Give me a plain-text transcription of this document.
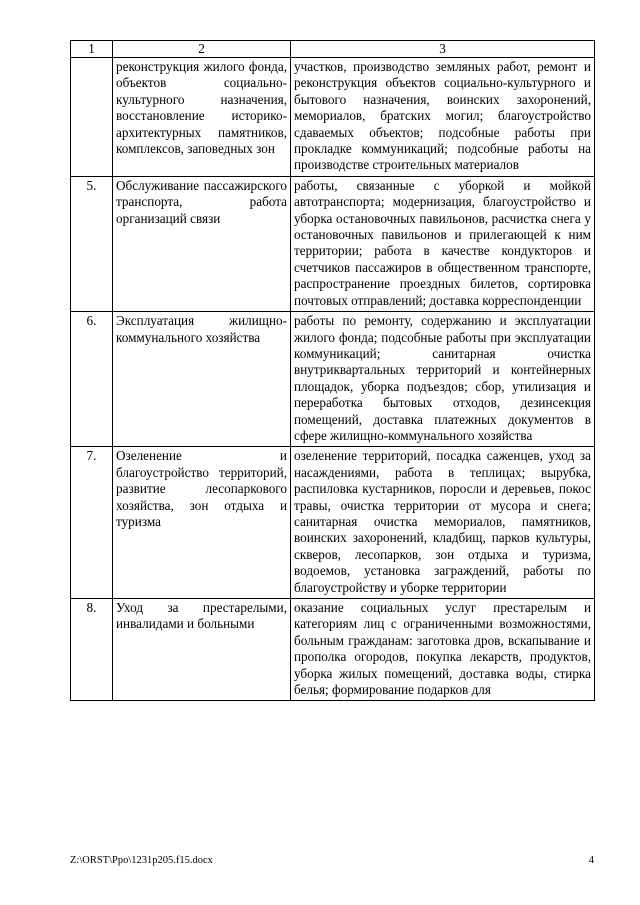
1	2	3
	реконструкция жилого фонда, объектов социально-культурного назначения, восстановление историко-архитектурных памятников, комплексов, заповедных зон	участков, производство земляных работ, ремонт и реконструкция объектов социально-культурного и бытового назначения, воинских захоронений, мемориалов, братских могил; благоустройство сдаваемых объектов; подсобные работы при прокладке коммуникаций; подсобные работы на производстве строительных материалов
5.	Обслуживание пассажирского транспорта, работа организаций связи	работы, связанные с уборкой и мойкой автотранспорта; модернизация, благоустройство и уборка остановочных павильонов, расчистка снега у остановочных павильонов и прилегающей к ним территории; работа в качестве кондукторов и счетчиков пассажиров в общественном транспорте, распространение проездных билетов, сортировка почтовых отправлений; доставка корреспонденции
6.	Эксплуатация жилищно-коммунального хозяйства	работы по ремонту, содержанию и эксплуатации жилого фонда; подсобные работы при эксплуатации коммуникаций; санитарная очистка внутриквартальных территорий и контейнерных площадок, уборка подъездов; сбор, утилизация и переработка бытовых отходов, дезинсекция помещений, доставка платежных документов в сфере жилищно-коммунального хозяйства
7.	Озеленение и благоустройство территорий, развитие лесопаркового хозяйства, зон отдыха и туризма	озеленение территорий, посадка саженцев, уход за насаждениями, работа в теплицах; вырубка, распиловка кустарников, поросли и деревьев, покос травы, очистка территории от мусора и снега; санитарная очистка мемориалов, памятников, воинских захоронений, кладбищ, парков культуры, скверов, лесопарков, зон отдыха и туризма, водоемов, установка заграждений, работы по благоустройству и уборке территории
8.	Уход за престарелыми, инвалидами и больными	оказание социальных услуг престарелым и категориям лиц с ограниченными возможностями, больным гражданам: заготовка дров, вскапывание и прополка огородов, покупка лекарств, продуктов, уборка жилых помещений, доставка воды, стирка белья; формирование подарков для
Z:\ORST\Ppo\1231p205.f15.docx	4
